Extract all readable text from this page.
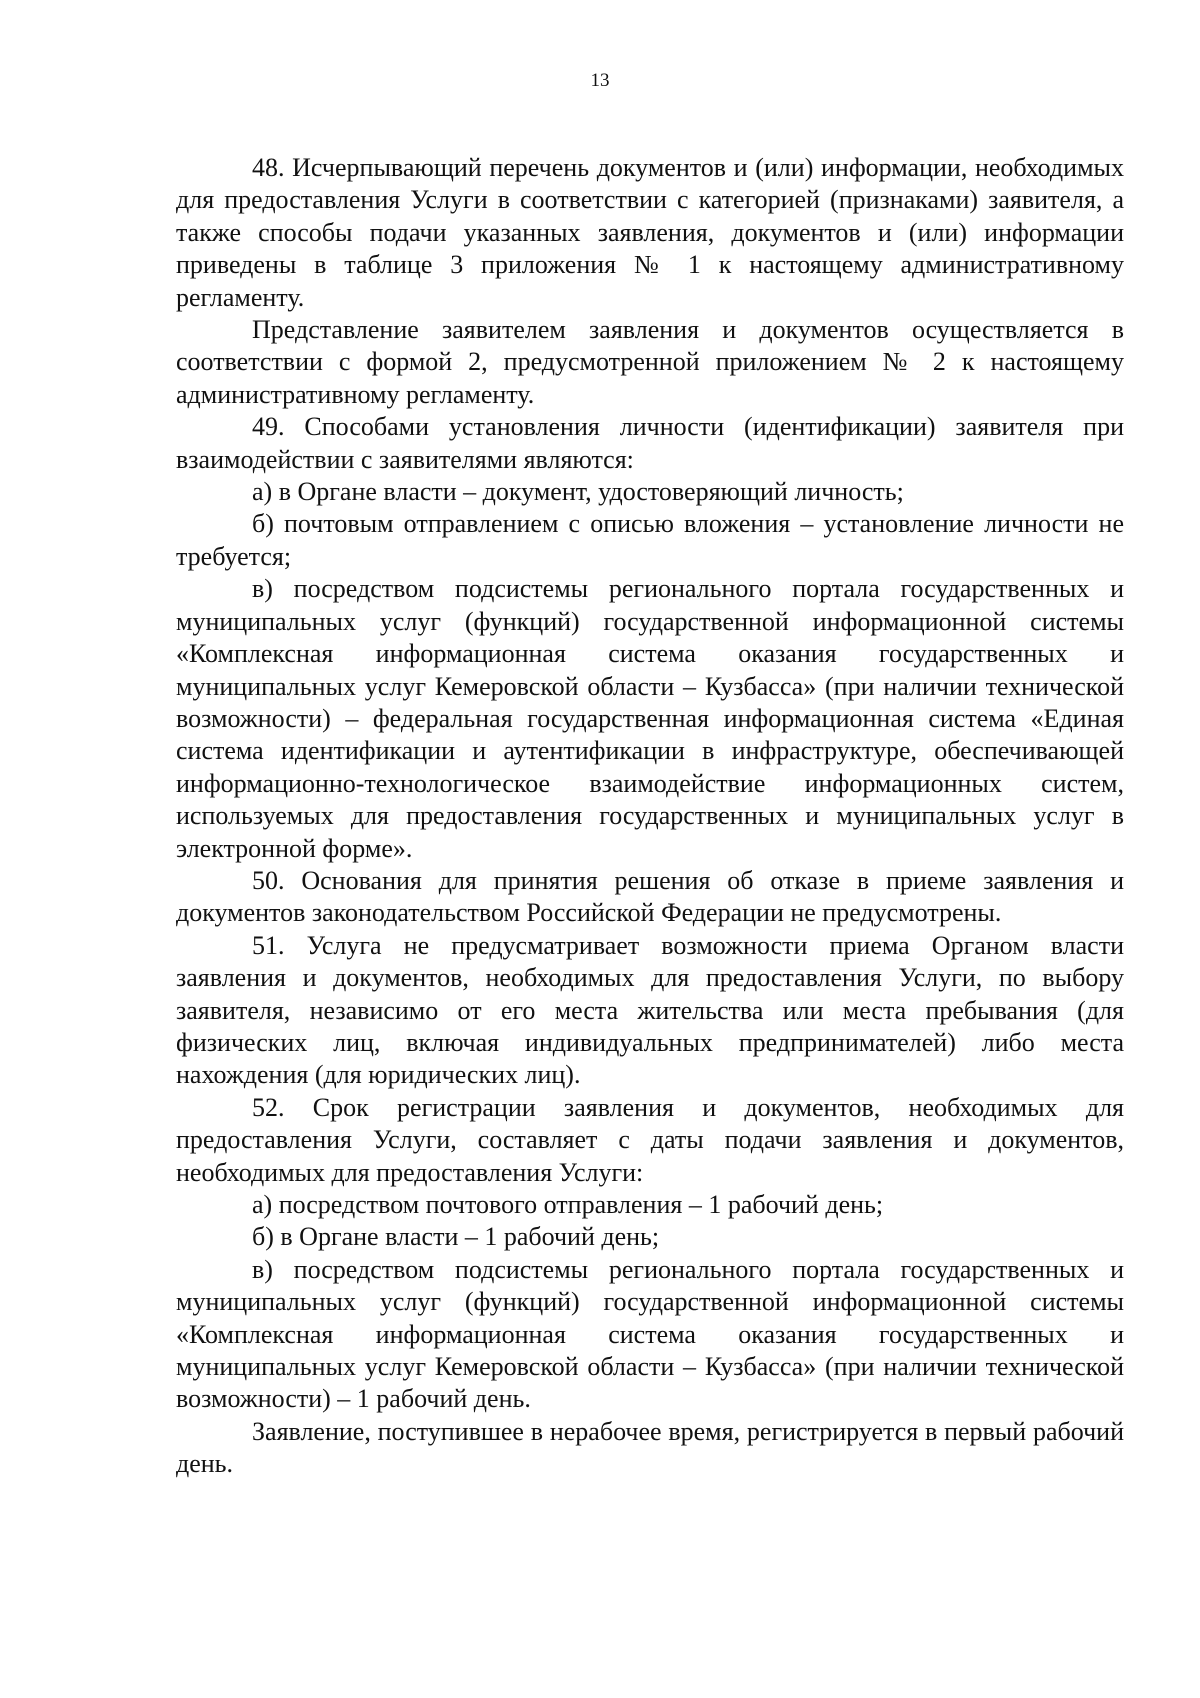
13

48. Исчерпывающий перечень документов и (или) информации, необходимых для предоставления Услуги в соответствии с категорией (признаками) заявителя, а также способы подачи указанных заявления, документов и (или) информации приведены в таблице 3 приложения № 1 к настоящему административному регламенту.

Представление заявителем заявления и документов осуществляется в соответствии с формой 2, предусмотренной приложением № 2 к настоящему административному регламенту.

49. Способами установления личности (идентификации) заявителя при взаимодействии с заявителями являются:

а) в Органе власти – документ, удостоверяющий личность;

б) почтовым отправлением с описью вложения – установление личности не требуется;

в) посредством подсистемы регионального портала государственных и муниципальных услуг (функций) государственной информационной системы «Комплексная информационная система оказания государственных и муниципальных услуг Кемеровской области – Кузбасса» (при наличии технической возможности) – федеральная государственная информационная система «Единая система идентификации и аутентификации в инфраструктуре, обеспечивающей информационно-технологическое взаимодействие информационных систем, используемых для предоставления государственных и муниципальных услуг в электронной форме».

50. Основания для принятия решения об отказе в приеме заявления и документов законодательством Российской Федерации не предусмотрены.

51. Услуга не предусматривает возможности приема Органом власти заявления и документов, необходимых для предоставления Услуги, по выбору заявителя, независимо от его места жительства или места пребывания (для физических лиц, включая индивидуальных предпринимателей) либо места нахождения (для юридических лиц).

52. Срок регистрации заявления и документов, необходимых для предоставления Услуги, составляет с даты подачи заявления и документов, необходимых для предоставления Услуги:

а) посредством почтового отправления – 1 рабочий день;

б) в Органе власти – 1 рабочий день;

в) посредством подсистемы регионального портала государственных и муниципальных услуг (функций) государственной информационной системы «Комплексная информационная система оказания государственных и муниципальных услуг Кемеровской области – Кузбасса» (при наличии технической возможности) – 1 рабочий день.

Заявление, поступившее в нерабочее время, регистрируется в первый рабочий день.
